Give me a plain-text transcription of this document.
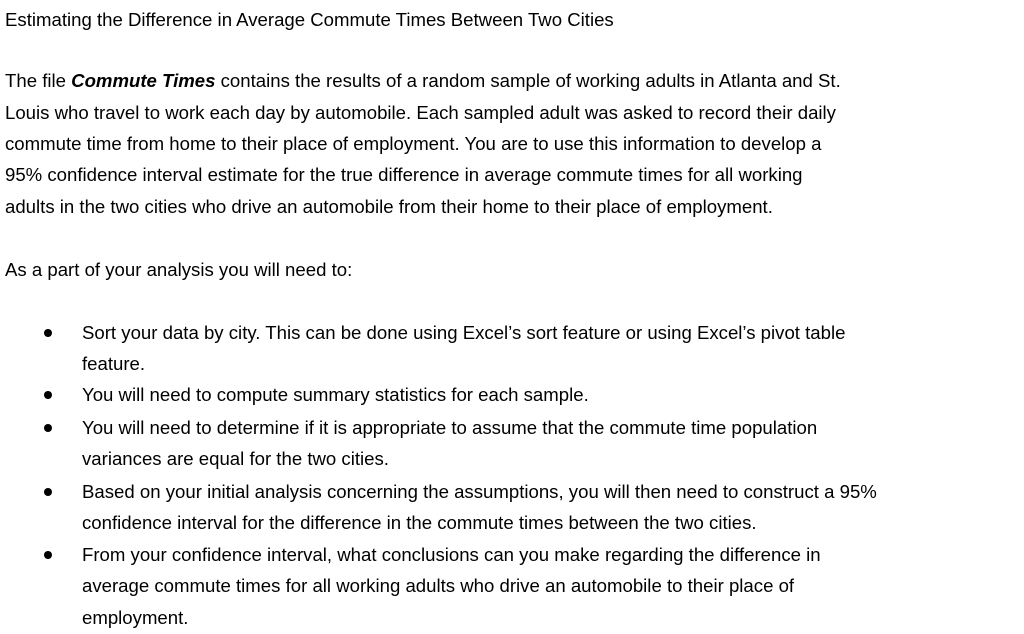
Estimating the Difference in Average Commute Times Between Two Cities
The file Commute Times contains the results of a random sample of working adults in Atlanta and St.
Louis who travel to work each day by automobile. Each sampled adult was asked to record their daily
commute time from home to their place of employment. You are to use this information to develop a
95% confidence interval estimate for the true difference in average commute times for all working
adults in the two cities who drive an automobile from their home to their place of employment.
As a part of your analysis you will need to:
Sort your data by city. This can be done using Excel’s sort feature or using Excel’s pivot table
feature.
You will need to compute summary statistics for each sample.
You will need to determine if it is appropriate to assume that the commute time population
variances are equal for the two cities.
Based on your initial analysis concerning the assumptions, you will then need to construct a 95%
confidence interval for the difference in the commute times between the two cities.
From your confidence interval, what conclusions can you make regarding the difference in
average commute times for all working adults who drive an automobile to their place of
employment.
